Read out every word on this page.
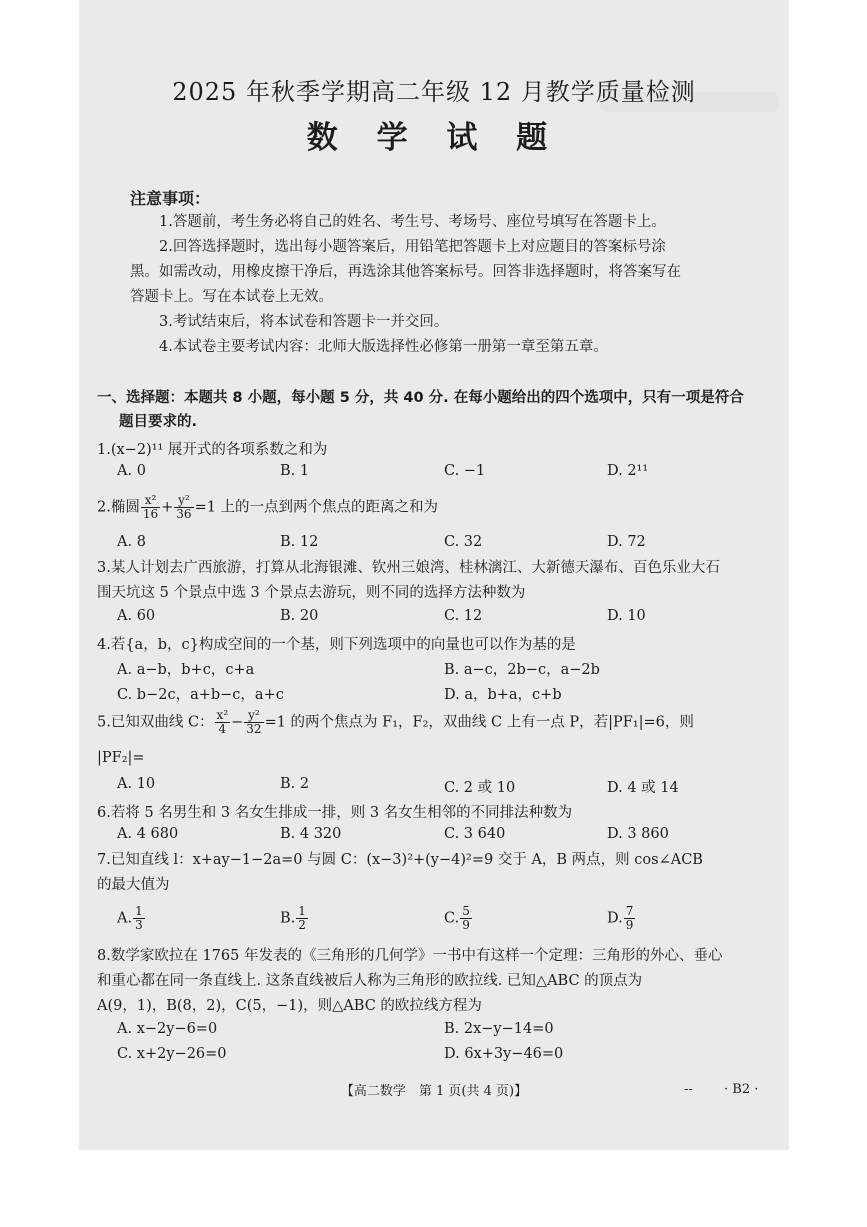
2025 年秋季学期高二年级 12 月教学质量检测
数 学 试 题
注意事项：

1.答题前，考生务必将自己的姓名、考生号、考场号、座位号填写在答题卡上。

2.回答选择题时，选出每小题答案后，用铅笔把答题卡上对应题目的答案标号涂

黑。如需改动，用橡皮擦干净后，再选涂其他答案标号。回答非选择题时，将答案写在

答题卡上。写在本试卷上无效。

3.考试结束后，将本试卷和答题卡一并交回。

4.本试卷主要考试内容：北师大版选择性必修第一册第一章至第五章。

一、选择题：本题共 8 小题，每小题 5 分，共 40 分. 在每小题给出的四个选项中，只有一项是符合
题目要求的.
1.(x−2)¹¹ 展开式的各项系数之和为
A. 0	B. 1	C. −1	D. 2¹¹
2.椭圆 $\frac{\text{x²}}{16} + \frac{\text{y²}}{36} =1$ 上的一点到两个焦点的距离之和为
A. 8	B. 12	C. 32	D. 72
3.某人计划去广西旅游，打算从北海银滩、钦州三娘湾、桂林漓江、大新德天瀑布、百色乐业大石
围天坑这 5 个景点中选 3 个景点去游玩，则不同的选择方法种数为
A. 60	B. 20	C. 12	D. 10
4.若{a，b，c}构成空间的一个基，则下列选项中的向量也可以作为基的是
A. a−b，b+c，c+a	B. a−c，2b−c，a−2b
C. b−2c，a+b−c，a+c	D. a，b+a，c+b
5.已知双曲线 C： $\frac{\text{x²}}{4} - \frac{\text{y²}}{32} =1$ 的两个焦点为 F₁，F₂，双曲线 C 上有一点 P，若|PF₁|=6，则
|PF₂|=
A. 10	B. 2	C. 2 或 10	D. 4 或 14
6.若将 5 名男生和 3 名女生排成一排，则 3 名女生相邻的不同排法种数为
A. 4 680	B. 4 320	C. 3 640	D. 3 860
7.已知直线 l：x+ay−1−2a=0 与圆 C：(x−3)²+(y−4)²=9 交于 A，B 两点，则 cos∠ACB
的最大值为
A. $\frac{1}{3}$	B. $\frac{1}{2}$	C. $\frac{5}{9}$	D. $\frac{7}{9}$
8.数学家欧拉在 1765 年发表的《三角形的几何学》一书中有这样一个定理：三角形的外心、垂心
和重心都在同一条直线上. 这条直线被后人称为三角形的欧拉线. 已知△ABC 的顶点为
A(9，1)，B(8，2)，C(5，−1)，则△ABC 的欧拉线方程为
A. x−2y−6=0	B. 2x−y−14=0
C. x+2y−26=0	D. 6x+3y−46=0
【高二数学　第 1 页(共 4 页)】	-- · B2 ·
